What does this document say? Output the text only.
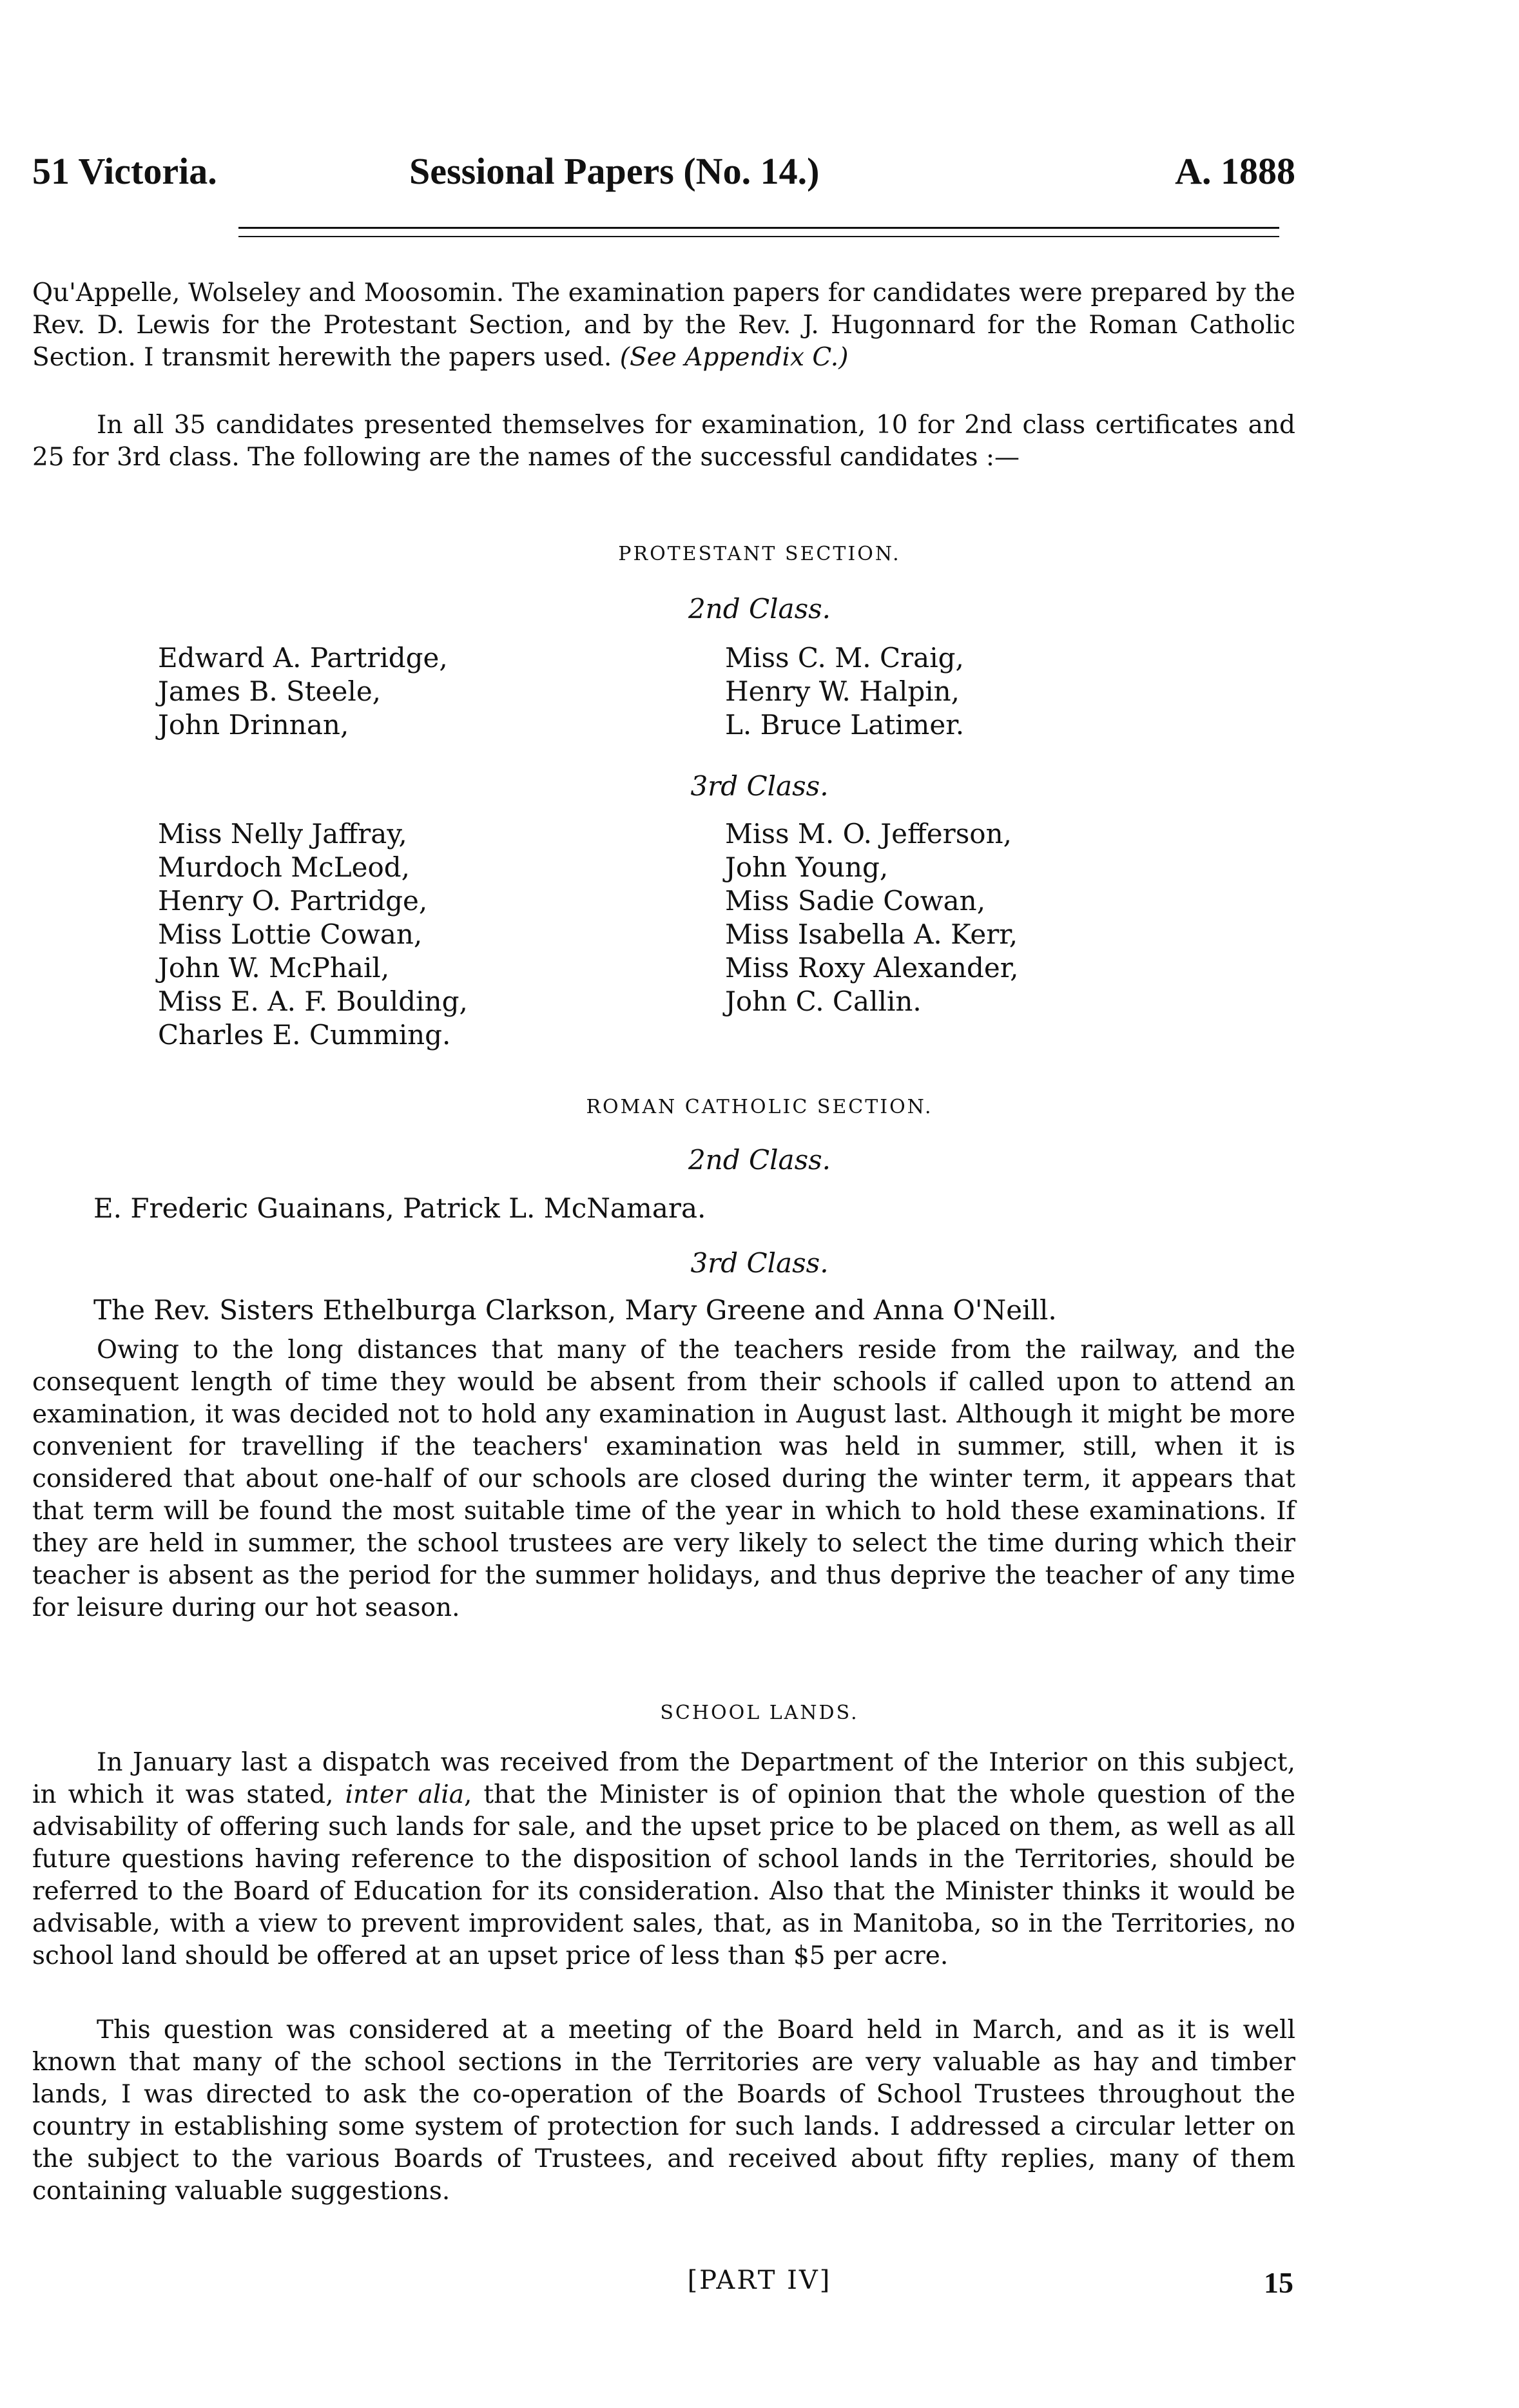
51 Victoria.	Sessional Papers (No. 14.)	A. 1888

Qu'Appelle, Wolseley and Moosomin. The examination papers for candidates were prepared by the Rev. D. Lewis for the Protestant Section, and by the Rev. J. Hugonnard for the Roman Catholic Section. I transmit herewith the papers used. (See Appendix C.)

In all 35 candidates presented themselves for examination, 10 for 2nd class certificates and 25 for 3rd class. The following are the names of the successful candidates :—

PROTESTANT SECTION.
2nd Class.
Edward A. Partridge,
James B. Steele,
John Drinnan,
Miss C. M. Craig,
Henry W. Halpin,
L. Bruce Latimer.
3rd Class.
Miss Nelly Jaffray,
Murdoch McLeod,
Henry O. Partridge,
Miss Lottie Cowan,
John W. McPhail,
Miss E. A. F. Boulding,
Charles E. Cumming.
Miss M. O. Jefferson,
John Young,
Miss Sadie Cowan,
Miss Isabella A. Kerr,
Miss Roxy Alexander,
John C. Callin.
ROMAN CATHOLIC SECTION.
2nd Class.
E. Frederic Guainans, Patrick L. McNamara.
3rd Class.
The Rev. Sisters Ethelburga Clarkson, Mary Greene and Anna O'Neill.

Owing to the long distances that many of the teachers reside from the railway, and the consequent length of time they would be absent from their schools if called upon to attend an examination, it was decided not to hold any examination in August last. Although it might be more convenient for travelling if the teachers' examination was held in summer, still, when it is considered that about one-half of our schools are closed during the winter term, it appears that that term will be found the most suitable time of the year in which to hold these examinations. If they are held in summer, the school trustees are very likely to select the time during which their teacher is absent as the period for the summer holidays, and thus deprive the teacher of any time for leisure during our hot season.

SCHOOL LANDS.

In January last a dispatch was received from the Department of the Interior on this subject, in which it was stated, inter alia, that the Minister is of opinion that the whole question of the advisability of offering such lands for sale, and the upset price to be placed on them, as well as all future questions having reference to the disposition of school lands in the Territories, should be referred to the Board of Education for its consideration. Also that the Minister thinks it would be advisable, with a view to prevent improvident sales, that, as in Manitoba, so in the Territories, no school land should be offered at an upset price of less than $5 per acre.

This question was considered at a meeting of the Board held in March, and as it is well known that many of the school sections in the Territories are very valuable as hay and timber lands, I was directed to ask the co-operation of the Boards of School Trustees throughout the country in establishing some system of protection for such lands. I addressed a circular letter on the subject to the various Boards of Trustees, and received about fifty replies, many of them containing valuable suggestions.

[PART IV]	15
